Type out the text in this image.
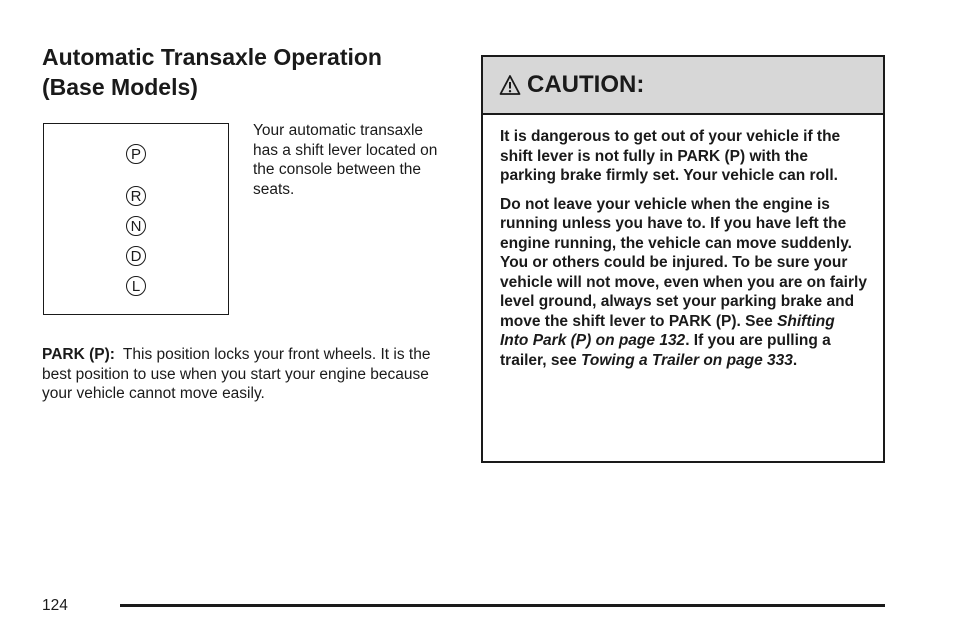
Automatic Transaxle Operation (Base Models)
P
R
N
D
L

Your automatic transaxle has a shift lever located on the console between the seats.

PARK (P): This position locks your front wheels. It is the best position to use when you start your engine because your vehicle cannot move easily.

CAUTION:

It is dangerous to get out of your vehicle if the shift lever is not fully in PARK (P) with the parking brake firmly set. Your vehicle can roll.

Do not leave your vehicle when the engine is running unless you have to. If you have left the engine running, the vehicle can move suddenly. You or others could be injured. To be sure your vehicle will not move, even when you are on fairly level ground, always set your parking brake and move the shift lever to PARK (P). See Shifting Into Park (P) on page 132. If you are pulling a trailer, see Towing a Trailer on page 333.

124
